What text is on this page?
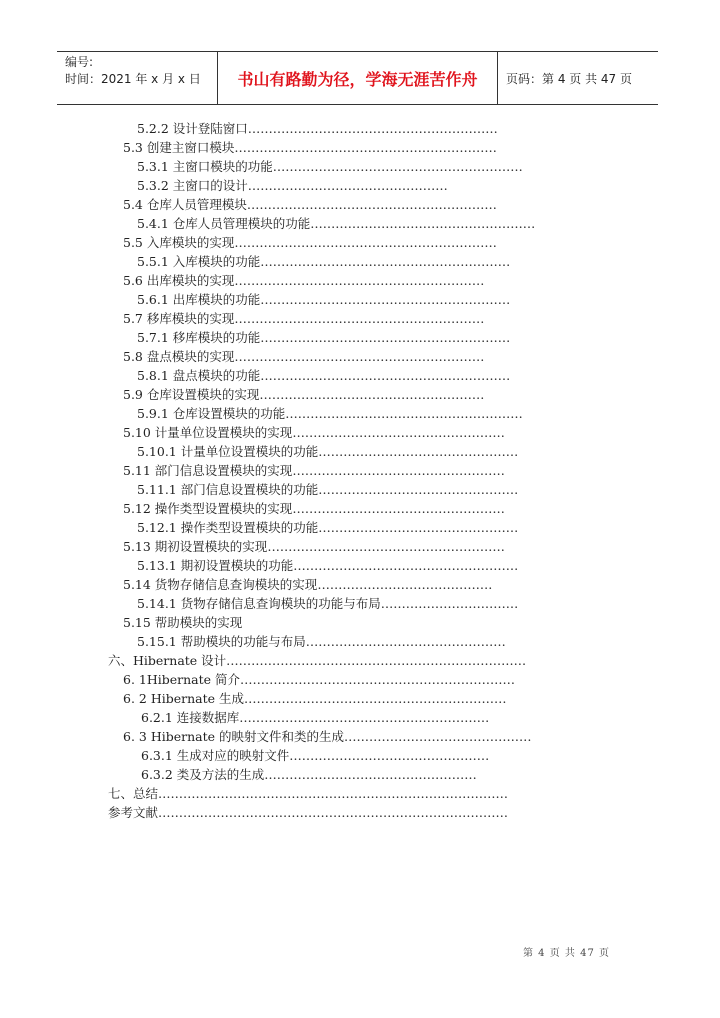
编号:
时间：2021 年 x 月 x 日	书山有路勤为径，学海无涯苦作舟	页码：第 4 页 共 47 页
5.2.2 设计登陆窗口……………………………………………………
5.3 创建主窗口模块………………………………………………………
5.3.1 主窗口模块的功能……………………………………………………
5.3.2 主窗口的设计…………………………………………
5.4 仓库人员管理模块……………………………………………………
5.4.1 仓库人员管理模块的功能………………………………………………
5.5 入库模块的实现………………………………………………………
5.5.1 入库模块的功能……………………………………………………
5.6 出库模块的实现……………………………………………………
5.6.1 出库模块的功能……………………………………………………
5.7 移库模块的实现……………………………………………………
5.7.1 移库模块的功能……………………………………………………
5.8 盘点模块的实现……………………………………………………
5.8.1 盘点模块的功能……………………………………………………
5.9 仓库设置模块的实现………………………………………………
5.9.1 仓库设置模块的功能…………………………………………………
5.10 计量单位设置模块的实现……………………………………………
5.10.1 计量单位设置模块的功能…………………………………………
5.11 部门信息设置模块的实现……………………………………………
5.11.1 部门信息设置模块的功能…………………………………………
5.12 操作类型设置模块的实现……………………………………………
5.12.1 操作类型设置模块的功能…………………………………………
5.13 期初设置模块的实现…………………………………………………
5.13.1 期初设置模块的功能………………………………………………
5.14 货物存储信息查询模块的实现……………………………………
5.14.1 货物存储信息查询模块的功能与布局……………………………
5.15 帮助模块的实现
5.15.1 帮助模块的功能与布局…………………………………………
六、Hibernate 设计………………………………………………………………
6. 1Hibernate 简介…………………………………………………………
6. 2 Hibernate 生成………………………………………………………
6.2.1 连接数据库……………………………………………………
6. 3 Hibernate 的映射文件和类的生成………………………………………
6.3.1 生成对应的映射文件…………………………………………
6.3.2 类及方法的生成……………………………………………
七、总结…………………………………………………………………………
参考文献…………………………………………………………………………
第 4 页 共 47 页
